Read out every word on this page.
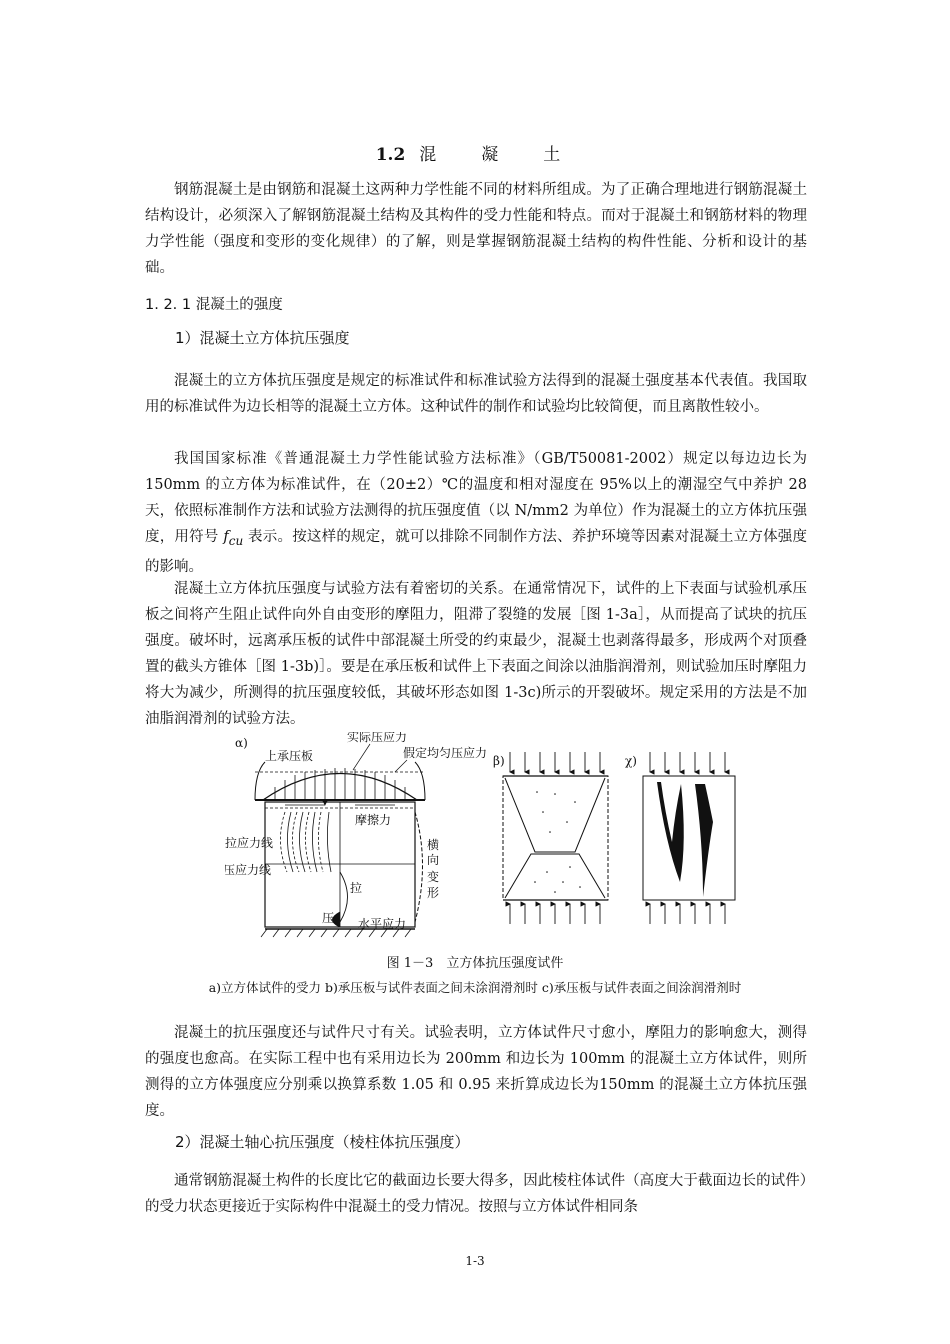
1.2 混　凝　土

钢筋混凝土是由钢筋和混凝土这两种力学性能不同的材料所组成。为了正确合理地进行钢筋混凝土结构设计，必须深入了解钢筋混凝土结构及其构件的受力性能和特点。而对于混凝土和钢筋材料的物理力学性能（强度和变形的变化规律）的了解，则是掌握钢筋混凝土结构的构件性能、分析和设计的基础。

1. 2. 1 混凝土的强度

1）混凝土立方体抗压强度

混凝土的立方体抗压强度是规定的标准试件和标准试验方法得到的混凝土强度基本代表值。我国取用的标准试件为边长相等的混凝土立方体。这种试件的制作和试验均比较简便，而且离散性较小。

我国国家标准《普通混凝土力学性能试验方法标准》（GB/T50081-2002）规定以每边边长为 150mm 的立方体为标准试件，在（20±2）℃的温度和相对湿度在 95%以上的潮湿空气中养护 28 天，依照标准制作方法和试验方法测得的抗压强度值（以 N/mm2 为单位）作为混凝土的立方体抗压强度，用符号 $f_{cu}$ 表示。按这样的规定，就可以排除不同制作方法、养护环境等因素对混凝土立方体强度的影响。

混凝土立方体抗压强度与试验方法有着密切的关系。在通常情况下，试件的上下表面与试验机承压板之间将产生阻止试件向外自由变形的摩阻力，阻滞了裂缝的发展［图 1-3a］，从而提高了试块的抗压强度。破坏时，远离承压板的试件中部混凝土所受的约束最少，混凝土也剥落得最多，形成两个对顶叠置的截头方锥体［图 1-3b)］。要是在承压板和试件上下表面之间涂以油脂润滑剂，则试验加压时摩阻力将大为减少，所测得的抗压强度较低，其破坏形态如图 1-3c)所示的开裂破坏。规定采用的方法是不加油脂润滑剂的试验方法。

α)
上承压板
实际压应力
假定均匀压应力
摩擦力
拉应力线
压应力线
横
向
变
形
拉
压 水平应力
β)	χ)
图 1－3　立方体抗压强度试件
a)立方体试件的受力 b)承压板与试件表面之间未涂润滑剂时 c)承压板与试件表面之间涂润滑剂时

混凝土的抗压强度还与试件尺寸有关。试验表明，立方体试件尺寸愈小，摩阻力的影响愈大，测得的强度也愈高。在实际工程中也有采用边长为 200mm 和边长为 100mm 的混凝土立方体试件，则所测得的立方体强度应分别乘以换算系数 1.05 和 0.95 来折算成边长为150mm 的混凝土立方体抗压强度。

2）混凝土轴心抗压强度（棱柱体抗压强度）

通常钢筋混凝土构件的长度比它的截面边长要大得多，因此棱柱体试件（高度大于截面边长的试件）的受力状态更接近于实际构件中混凝土的受力情况。按照与立方体试件相同条

1-3
